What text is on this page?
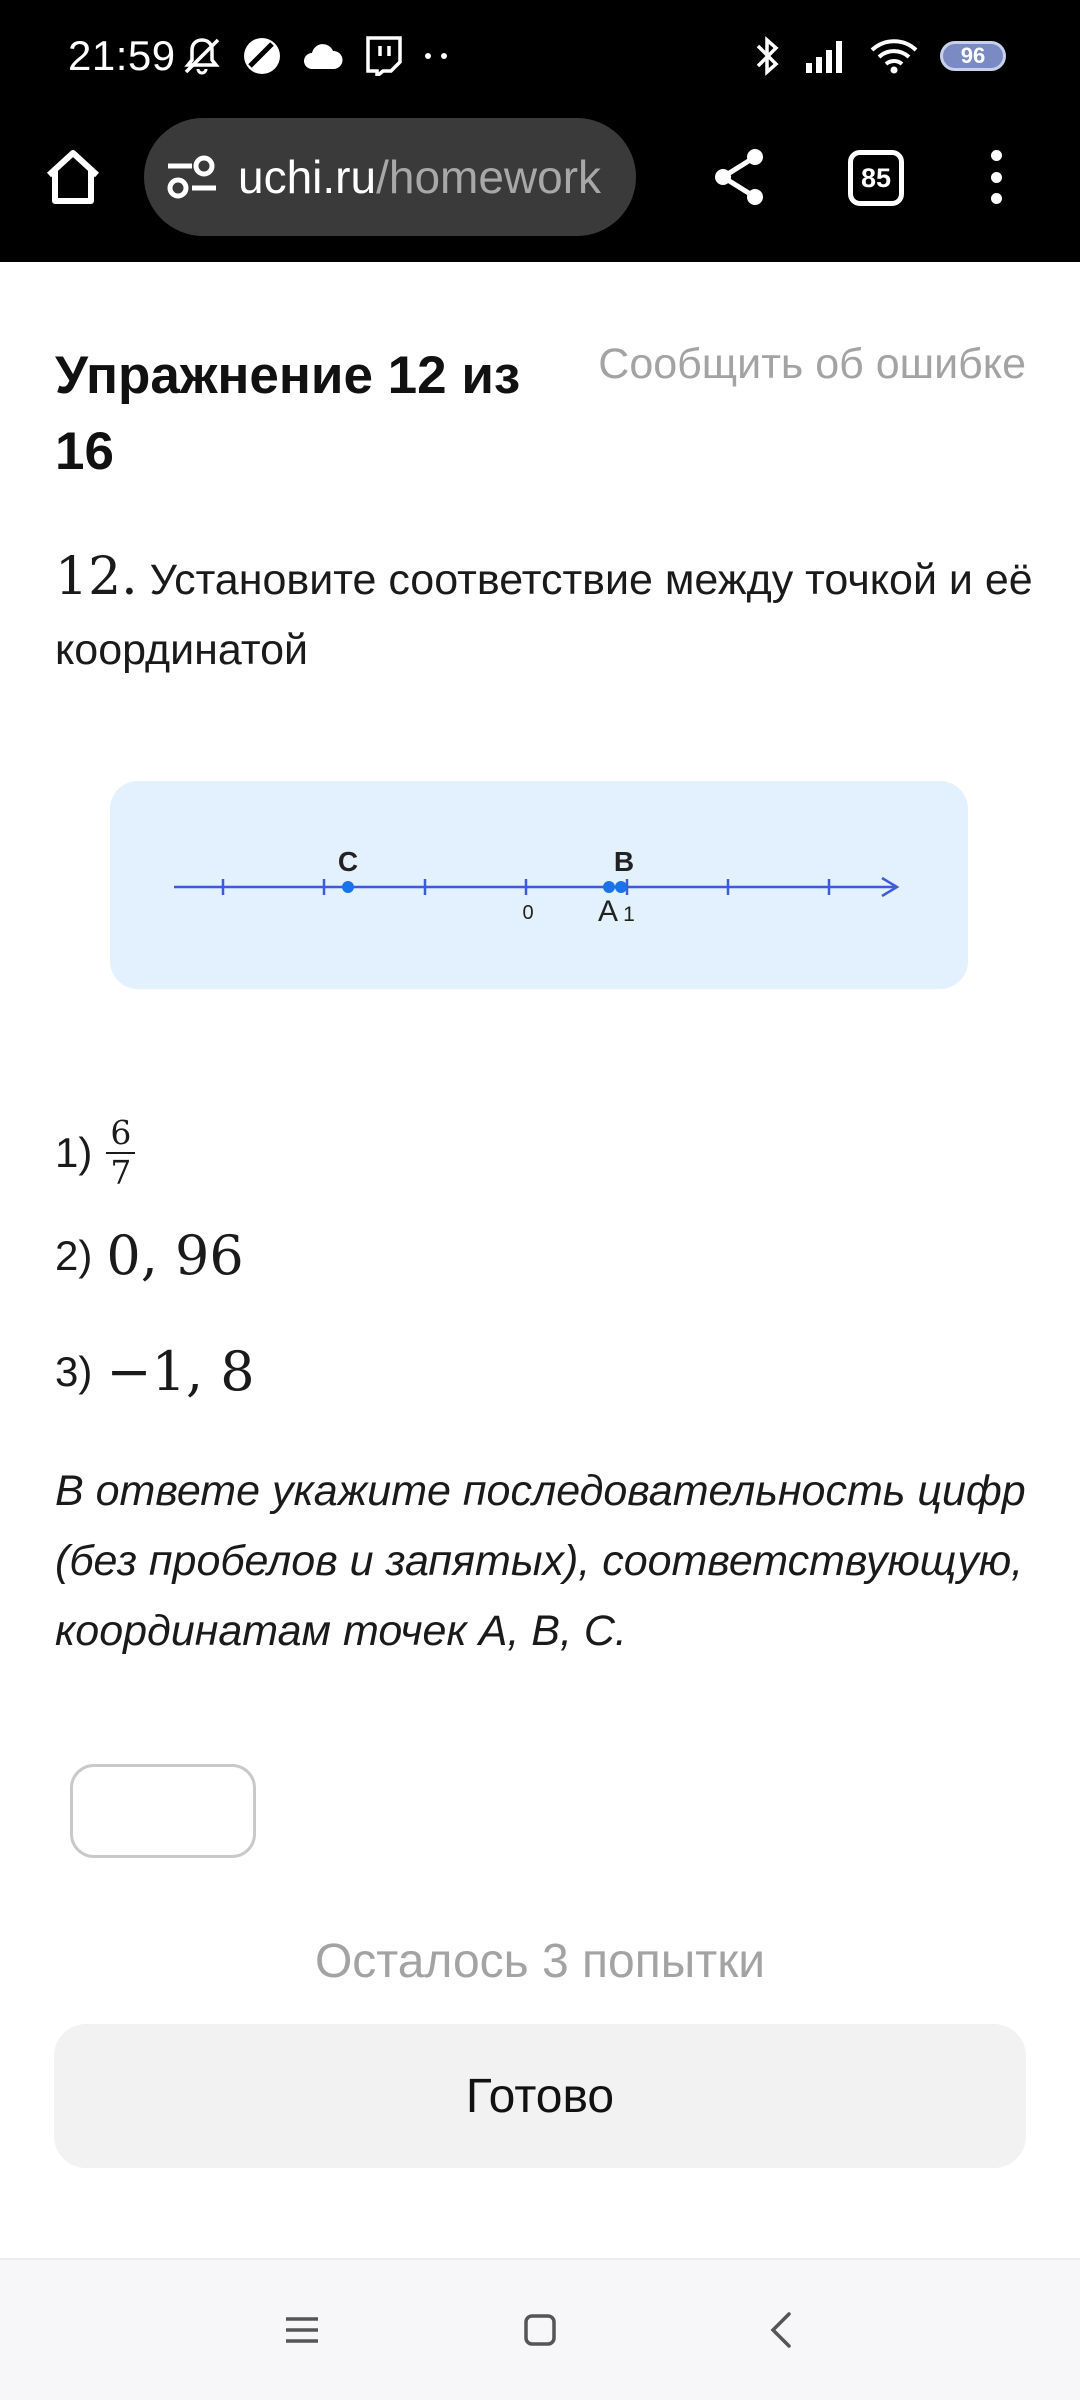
21:59	96
uchi.ru/homework	85
Упражнение 12 из 16
Сообщить об ошибке
12. Установите соответствие между точкой и её координатой
C	B
A
0	1
$1) \frac{6}{7}$
2) 0, 96
3) −1, 8
В ответе укажите последовательность цифр (без пробелов и запятых), соответствующую, координатам точек A, B, C.
Осталось 3 попытки
Готово
